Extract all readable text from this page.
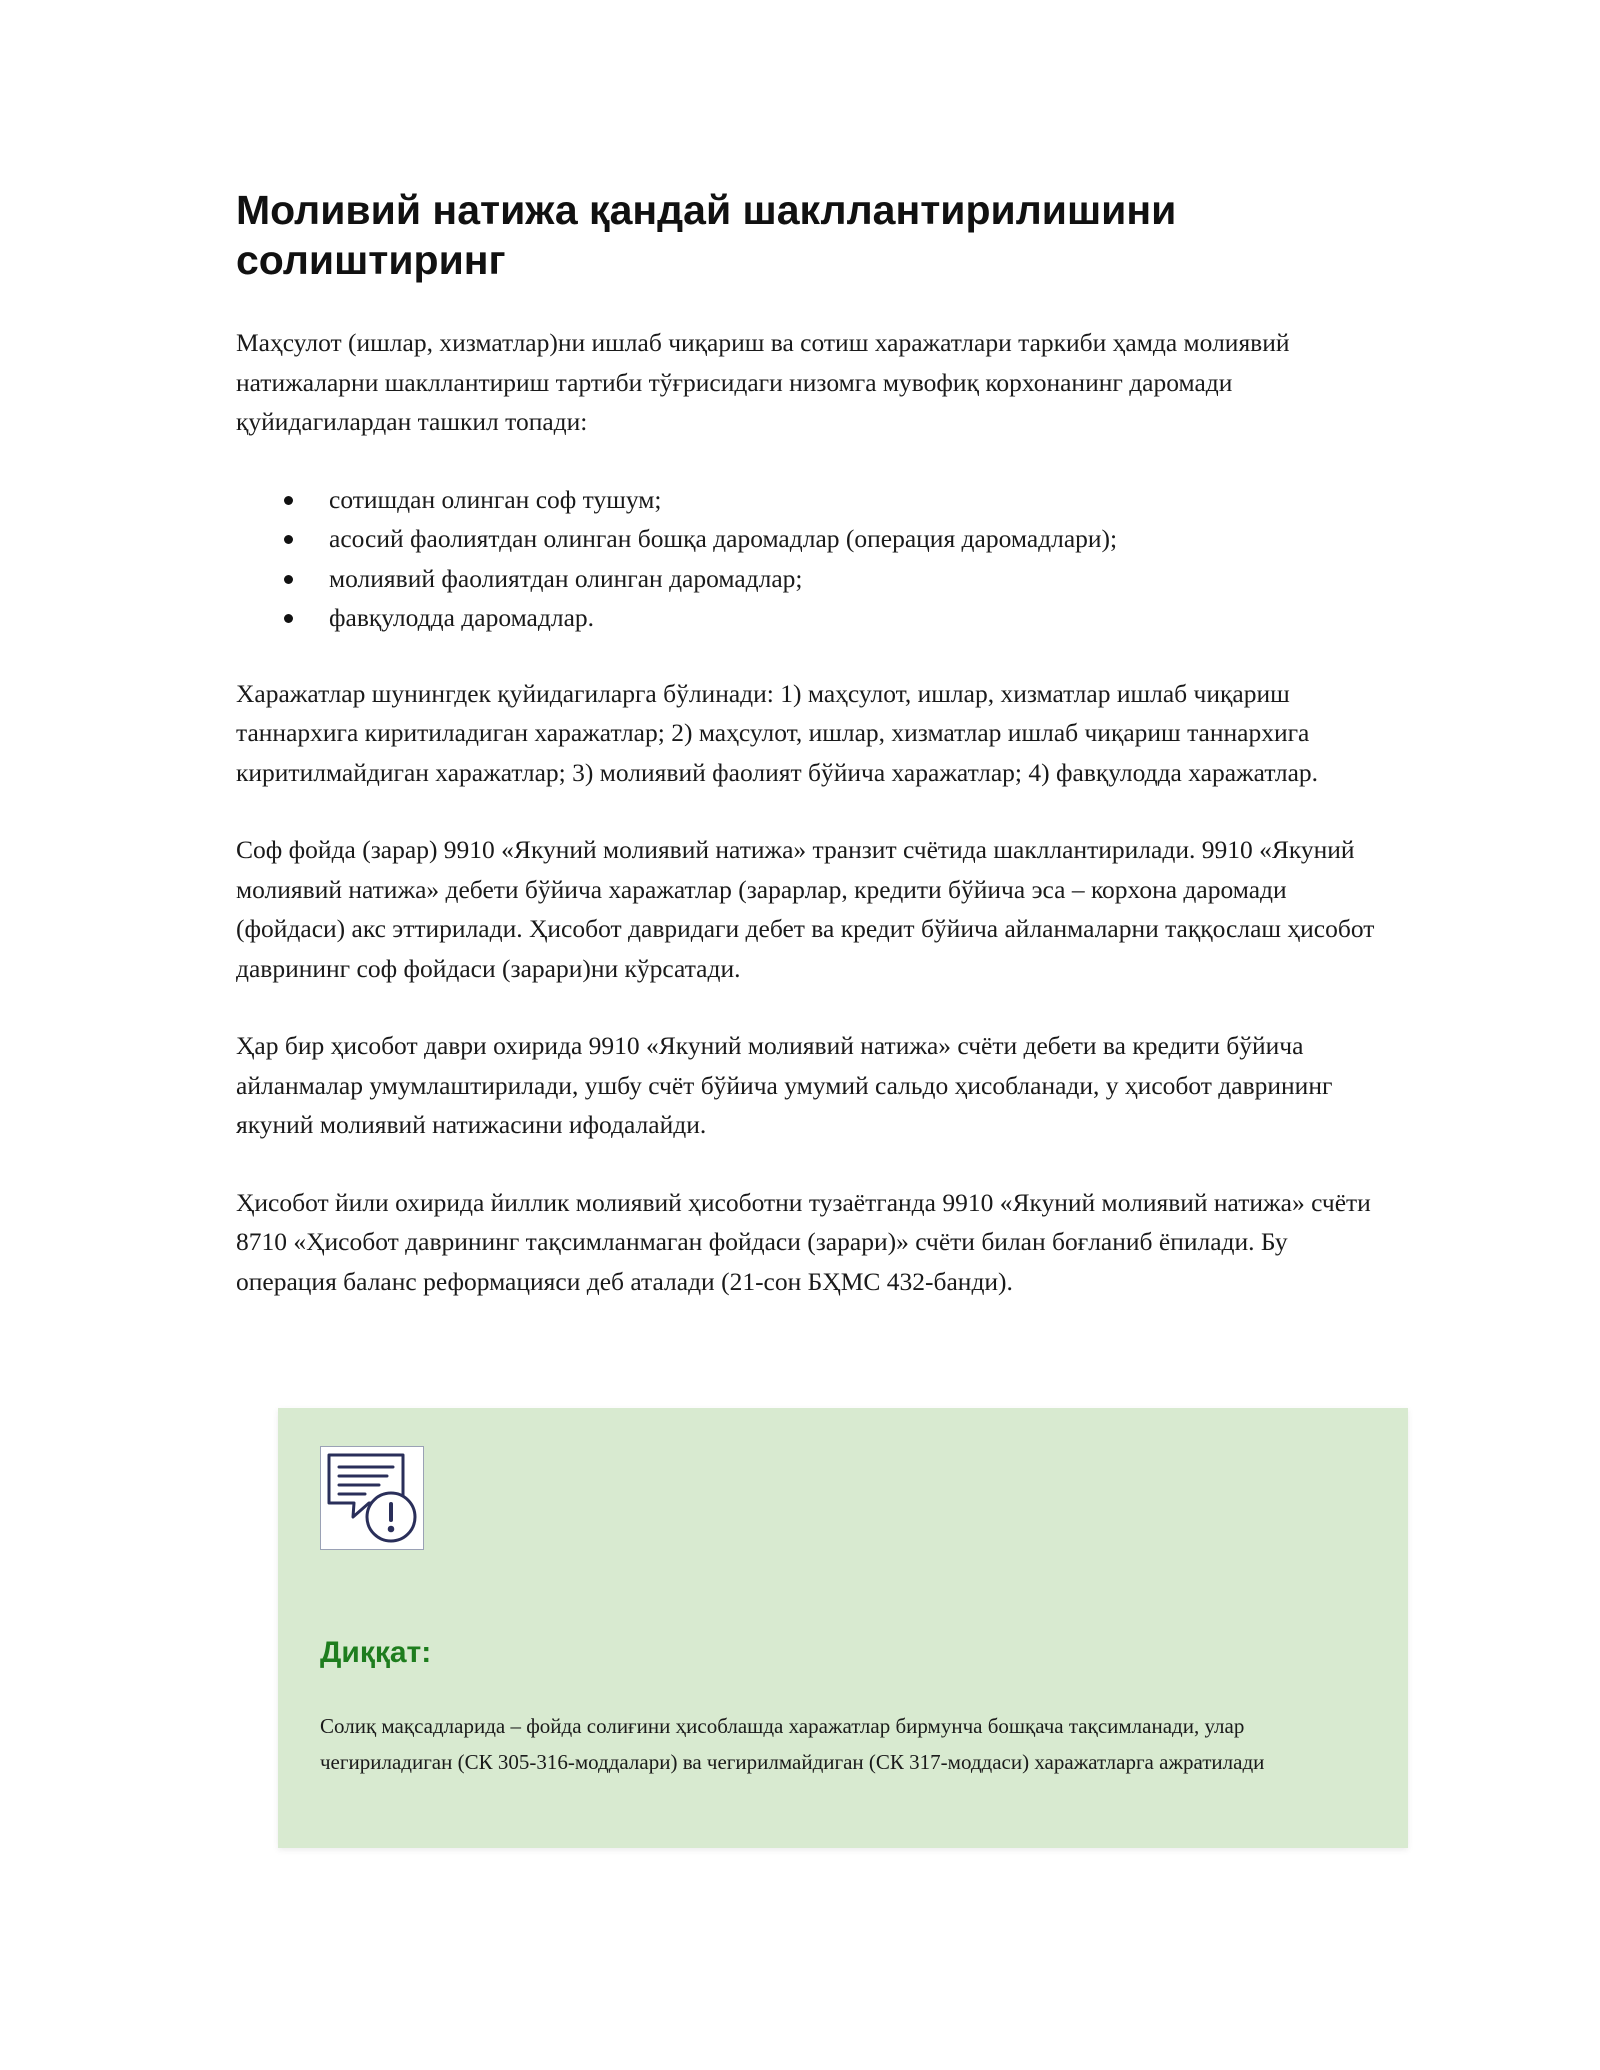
Моливий натижа қандай шакллантирилишини солиштиринг

Маҳсулот (ишлар, хизматлар)ни ишлаб чиқариш ва сотиш харажатлари таркиби ҳамда молиявий натижаларни шакллантириш тартиби тўғрисидаги низомга мувофиқ корхонанинг даромади қуйидагилардан ташкил топади:

сотишдан олинган соф тушум;
асосий фаолиятдан олинган бошқа даромадлар (операция даромадлари);
молиявий фаолиятдан олинган даромадлар;
фавқулодда даромадлар.

Харажатлар шунингдек қуйидагиларга бўлинади: 1) маҳсулот, ишлар, хизматлар ишлаб чиқариш таннархига киритиладиган харажатлар; 2) маҳсулот, ишлар, хизматлар ишлаб чиқариш таннархига киритилмайдиган харажатлар; 3) молиявий фаолият бўйича харажатлар; 4) фавқулодда харажатлар.

Соф фойда (зарар) 9910 «Якуний молиявий натижа» транзит счётида шакллантирилади. 9910 «Якуний молиявий натижа» дебети бўйича харажатлар (зарарлар, кредити бўйича эса – корхона даромади (фойдаси) акс эттирилади. Ҳисобот давридаги дебет ва кредит бўйича айланмаларни таққослаш ҳисобот даврининг соф фойдаси (зарари)ни кўрсатади.

Ҳар бир ҳисобот даври охирида 9910 «Якуний молиявий натижа» счёти дебети ва кредити бўйича айланмалар умумлаштирилади, ушбу счёт бўйича умумий сальдо ҳисобланади, у ҳисобот даврининг якуний молиявий натижасини ифодалайди.

Ҳисобот йили охирида йиллик молиявий ҳисоботни тузаётганда 9910 «Якуний молиявий натижа» счёти 8710 «Ҳисобот даврининг тақсимланмаган фойдаси (зарари)» счёти билан боғланиб ёпилади. Бу операция баланс реформацияси деб аталади (21-сон БҲМС 432-банди).

Диққат:

Солиқ мақсадларида – фойда солиғини ҳисоблашда харажатлар бирмунча бошқача тақсимланади, улар чегириладиган (СК 305-316-моддалари) ва чегирилмайдиган (СК 317-моддаси) харажатларга ажратилади
